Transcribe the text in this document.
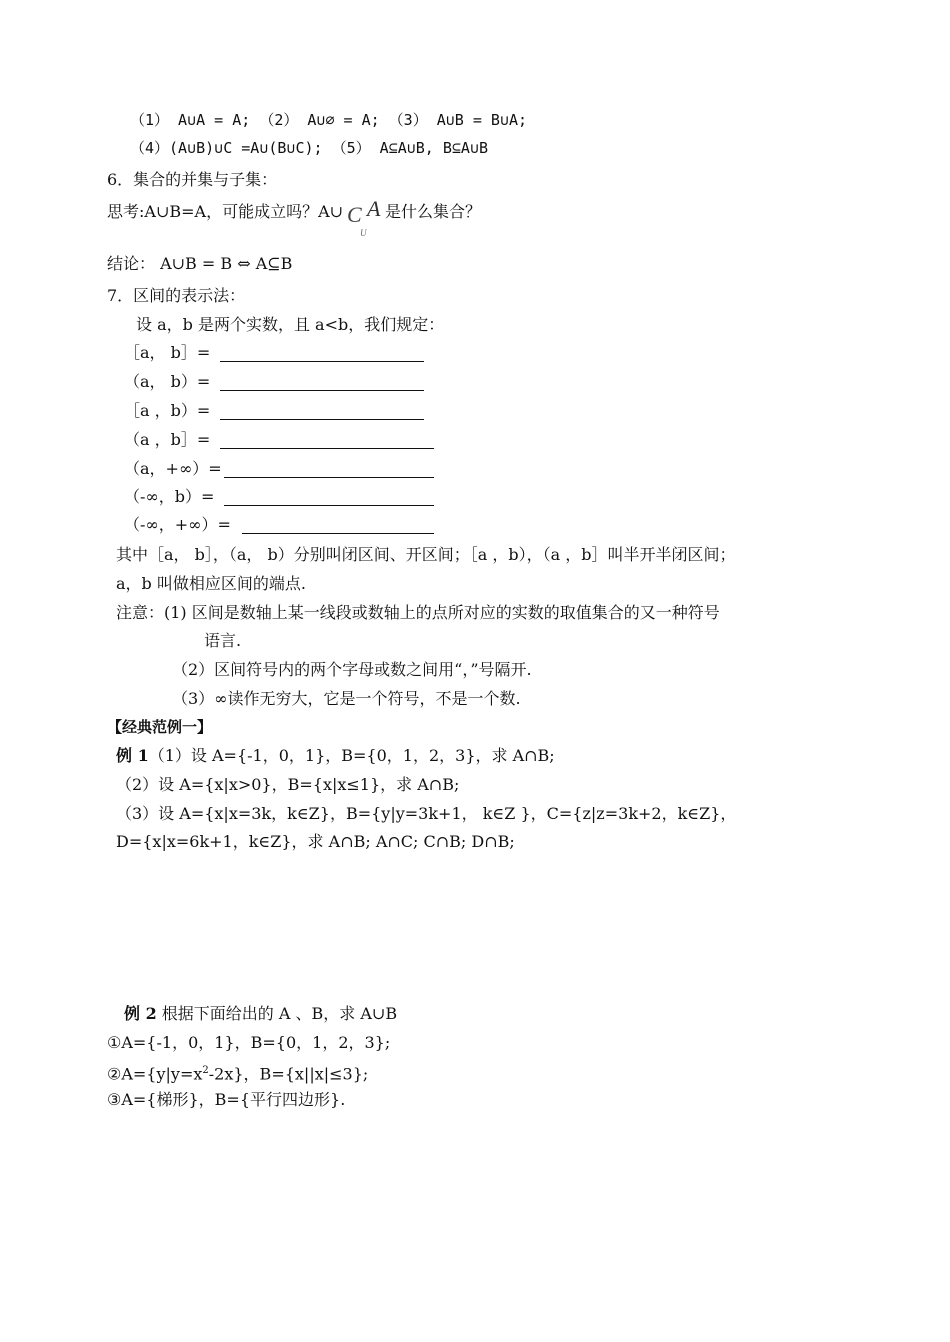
（1） A∪A = A; （2） A∪∅ = A; （3） A∪B = B∪A;
（4）(A∪B)∪C =A∪(B∪C); （5） A⊆A∪B, B⊆A∪B
6．集合的并集与子集：
思考:A∪B=A，可能成立吗？A∪ C
U
A 是什么集合？
结论： A∪B = B ⇔ A⊆B
7．区间的表示法：
设 a，b 是两个实数，且 a<b，我们规定：
［a， b］=
（a， b）=
［a ，b）=
（a ，b］=
（a，+∞）=
（-∞，b）=
（-∞，+∞）=
其中［a， b］，（a， b）分别叫闭区间、开区间；［a ，b），（a ，b］叫半开半闭区间；
a，b 叫做相应区间的端点.
注意：(1) 区间是数轴上某一线段或数轴上的点所对应的实数的取值集合的又一种符号
语言.
（2）区间符号内的两个字母或数之间用“，”号隔开.
（3）∞读作无穷大，它是一个符号，不是一个数.
【经典范例一】
例 1（1）设 A={-1，0，1}，B={0，1，2，3}，求 A∩B;
（2）设 A={x|x>0}，B={x|x≤1}，求 A∩B;
（3）设 A={x|x=3k，k∈Z}，B={y|y=3k+1， k∈Z }，C={z|z=3k+2，k∈Z}，
D={x|x=6k+1，k∈Z}，求 A∩B; A∩C; C∩B; D∩B;
例 2 根据下面给出的 A 、B，求 A∪B
①A={-1，0，1}，B={0，1，2，3};
$②A=\{y|y=x^2-2x\}$，B={x||x|≤3};
③A={梯形}，B={平行四边形}.
